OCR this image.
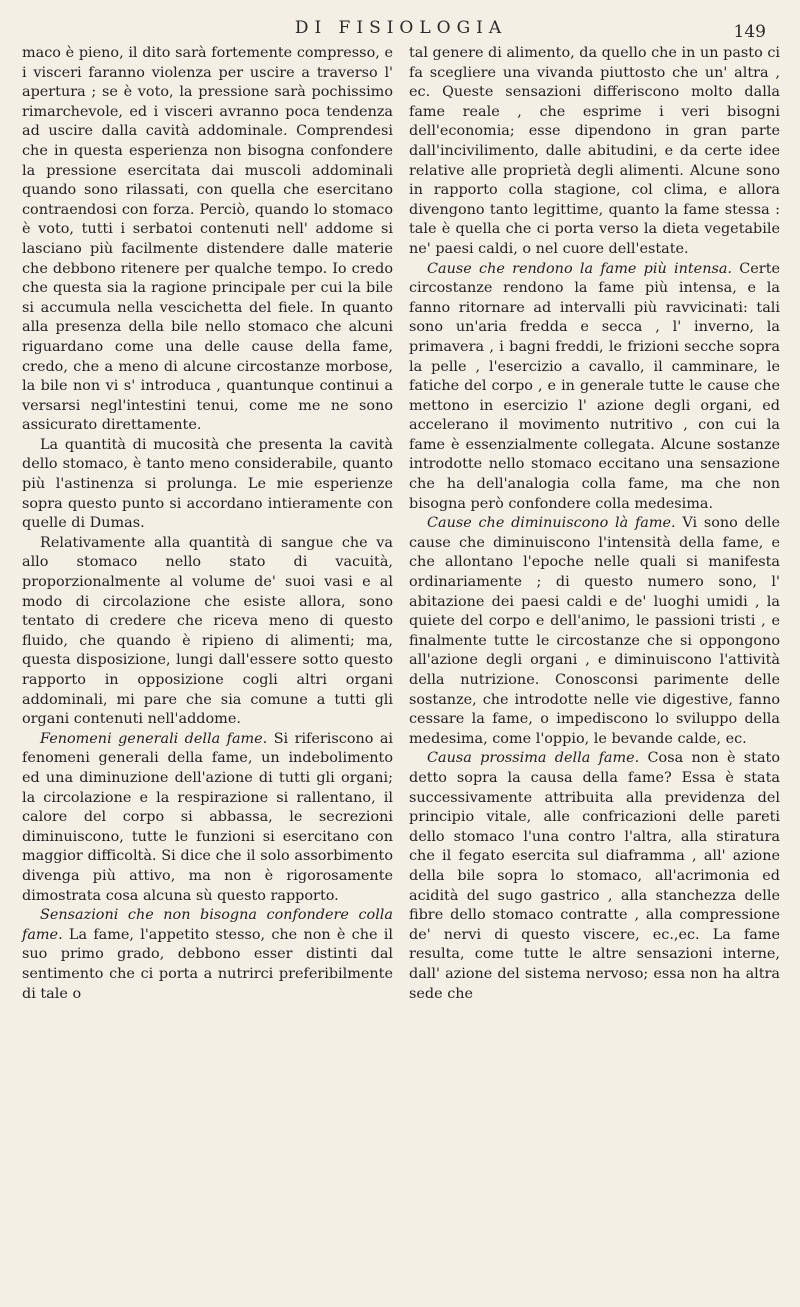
DI FISIOLOGIA	149

maco è pieno, il dito sarà fortemente compresso, e i visceri faranno violenza per uscire a traverso l' apertura ; se è voto, la pressione sarà pochissimo rimarchevole, ed i visceri avranno poca tendenza ad uscire dalla cavità addominale. Comprendesi che in questa esperienza non bisogna confondere la pressione esercitata dai muscoli addominali quando sono rilassati, con quella che esercitano contraendosi con forza. Perciò, quando lo stomaco è voto, tutti i serbatoi contenuti nell' addome si lasciano più facilmente distendere dalle materie che debbono ritenere per qualche tempo. Io credo che questa sia la ragione principale per cui la bile si accumula nella vescichetta del fiele. In quanto alla presenza della bile nello stomaco che alcuni riguardano come una delle cause della fame, credo, che a meno di alcune circostanze morbose, la bile non vi s' introduca , quantunque continui a versarsi negl'intestini tenui, come me ne sono assicurato direttamente.

La quantità di mucosità che presenta la cavità dello stomaco, è tanto meno considerabile, quanto più l'astinenza si prolunga. Le mie esperienze sopra questo punto si accordano intieramente con quelle di Dumas.

Relativamente alla quantità di sangue che va allo stomaco nello stato di vacuità, proporzionalmente al volume de' suoi vasi e al modo di circolazione che esiste allora, sono tentato di credere che riceva meno di questo fluido, che quando è ripieno di alimenti; ma, questa disposizione, lungi dall'essere sotto questo rapporto in opposizione cogli altri organi addominali, mi pare che sia comune a tutti gli organi contenuti nell'addome.

Fenomeni generali della fame. Si riferiscono ai fenomeni generali della fame, un indebolimento ed una diminuzione dell'azione di tutti gli organi; la circolazione e la respirazione si rallentano, il calore del corpo si abbassa, le secrezioni diminuiscono, tutte le funzioni si esercitano con maggior difficoltà. Si dice che il solo assorbimento divenga più attivo, ma non è rigorosamente dimostrata cosa alcuna sù questo rapporto.

Sensazioni che non bisogna confondere colla fame. La fame, l'appetito stesso, che non è che il suo primo grado, debbono esser distinti dal sentimento che ci porta a nutrirci preferibilmente di tale o

tal genere di alimento, da quello che in un pasto ci fa scegliere una vivanda piuttosto che un' altra , ec. Queste sensazioni differiscono molto dalla fame reale , che esprime i veri bisogni dell'economia; esse dipendono in gran parte dall'incivilimento, dalle abitudini, e da certe idee relative alle proprietà degli alimenti. Alcune sono in rapporto colla stagione, col clima, e allora divengono tanto legittime, quanto la fame stessa : tale è quella che ci porta verso la dieta vegetabile ne' paesi caldi, o nel cuore dell'estate.

Cause che rendono la fame più intensa. Certe circostanze rendono la fame più intensa, e la fanno ritornare ad intervalli più ravvicinati: tali sono un'aria fredda e secca , l' inverno, la primavera , i bagni freddi, le frizioni secche sopra la pelle , l'esercizio a cavallo, il camminare, le fatiche del corpo , e in generale tutte le cause che mettono in esercizio l' azione degli organi, ed accelerano il movimento nutritivo , con cui la fame è essenzialmente collegata. Alcune sostanze introdotte nello stomaco eccitano una sensazione che ha dell'analogia colla fame, ma che non bisogna però confondere colla medesima.

Cause che diminuiscono là fame. Vi sono delle cause che diminuiscono l'intensità della fame, e che allontano l'epoche nelle quali si manifesta ordinariamente ; di questo numero sono, l' abitazione dei paesi caldi e de' luoghi umidi , la quiete del corpo e dell'animo, le passioni tristi , e finalmente tutte le circostanze che si oppongono all'azione degli organi , e diminuiscono l'attività della nutrizione. Conosconsi parimente delle sostanze, che introdotte nelle vie digestive, fanno cessare la fame, o impediscono lo sviluppo della medesima, come l'oppio, le bevande calde, ec.

Causa prossima della fame. Cosa non è stato detto sopra la causa della fame? Essa è stata successivamente attribuita alla previdenza del principio vitale, alle confricazioni delle pareti dello stomaco l'una contro l'altra, alla stiratura che il fegato esercita sul diaframma , all' azione della bile sopra lo stomaco, all'acrimonia ed acidità del sugo gastrico , alla stanchezza delle fibre dello stomaco contratte , alla compressione de' nervi di questo viscere, ec.,ec. La fame resulta, come tutte le altre sensazioni interne, dall' azione del sistema nervoso; essa non ha altra sede che
